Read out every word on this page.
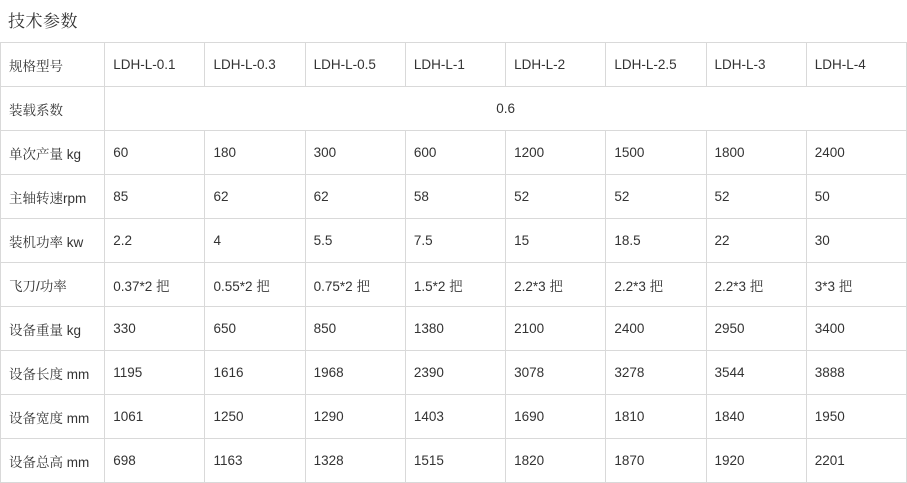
技术参数
规格型号	LDH-L-0.1	LDH-L-0.3	LDH-L-0.5	LDH-L-1	LDH-L-2	LDH-L-2.5	LDH-L-3	LDH-L-4
装载系数	0.6							
单次产量 kg	60	180	300	600	1200	1500	1800	2400
主轴转速rpm	85	62	62	58	52	52	52	50
装机功率 kw	2.2	4	5.5	7.5	15	18.5	22	30
飞刀/功率	0.37*2 把	0.55*2 把	0.75*2 把	1.5*2 把	2.2*3 把	2.2*3 把	2.2*3 把	3*3 把
设备重量 kg	330	650	850	1380	2100	2400	2950	3400
设备长度 mm	1195	1616	1968	2390	3078	3278	3544	3888
设备宽度 mm	1061	1250	1290	1403	1690	1810	1840	1950
设备总高 mm	698	1163	1328	1515	1820	1870	1920	2201
